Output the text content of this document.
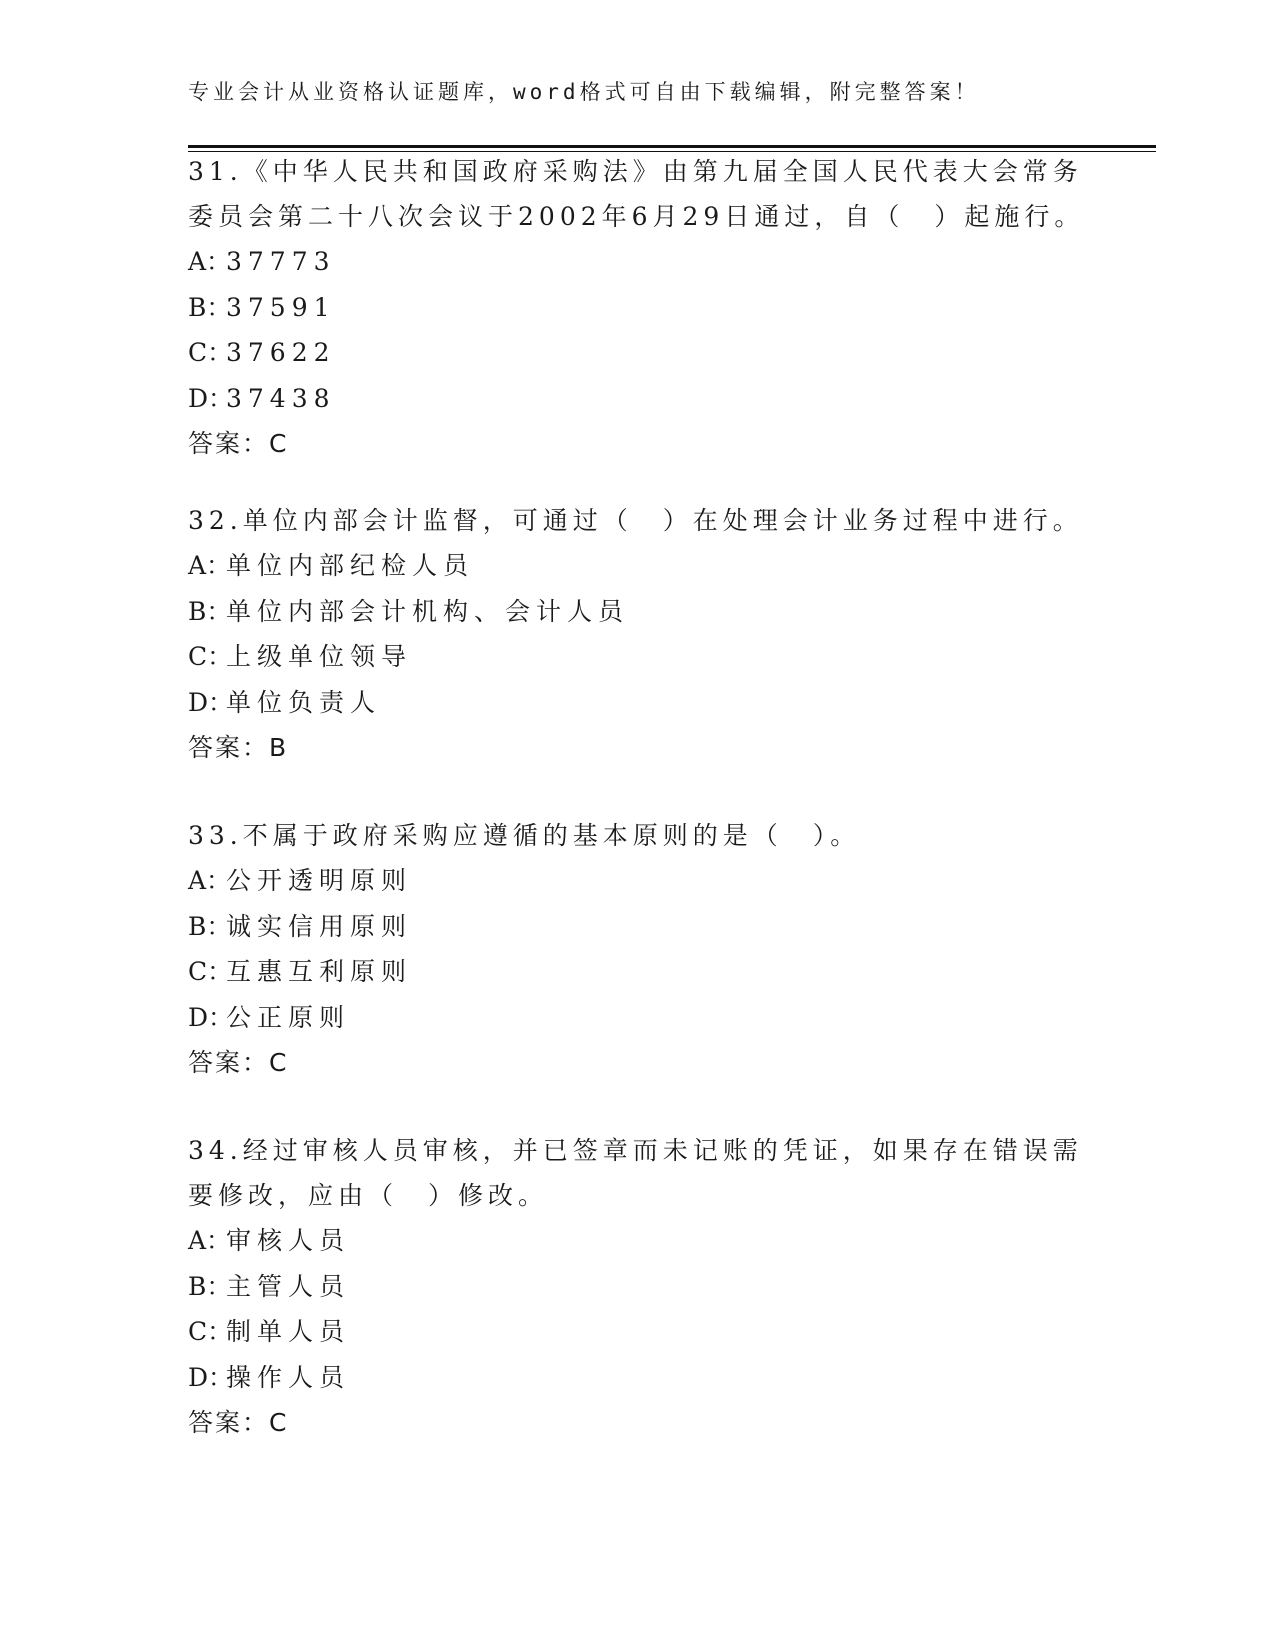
专业会计从业资格认证题库，word格式可自由下载编辑，附完整答案！

31.《中华人民共和国政府采购法》由第九届全国人民代表大会常务委员会第二十八次会议于2002年6月29日通过，自（　）起施行。

A：37773

B：37591

C：37622

D：37438

答案：C

32.单位内部会计监督，可通过（　）在处理会计业务过程中进行。

A：单位内部纪检人员

B：单位内部会计机构、会计人员

C：上级单位领导

D：单位负责人

答案：B

33.不属于政府采购应遵循的基本原则的是（　）。

A：公开透明原则

B：诚实信用原则

C：互惠互利原则

D：公正原则

答案：C

34.经过审核人员审核，并已签章而未记账的凭证，如果存在错误需要修改，应由（　）修改。

A：审核人员

B：主管人员

C：制单人员

D：操作人员

答案：C
